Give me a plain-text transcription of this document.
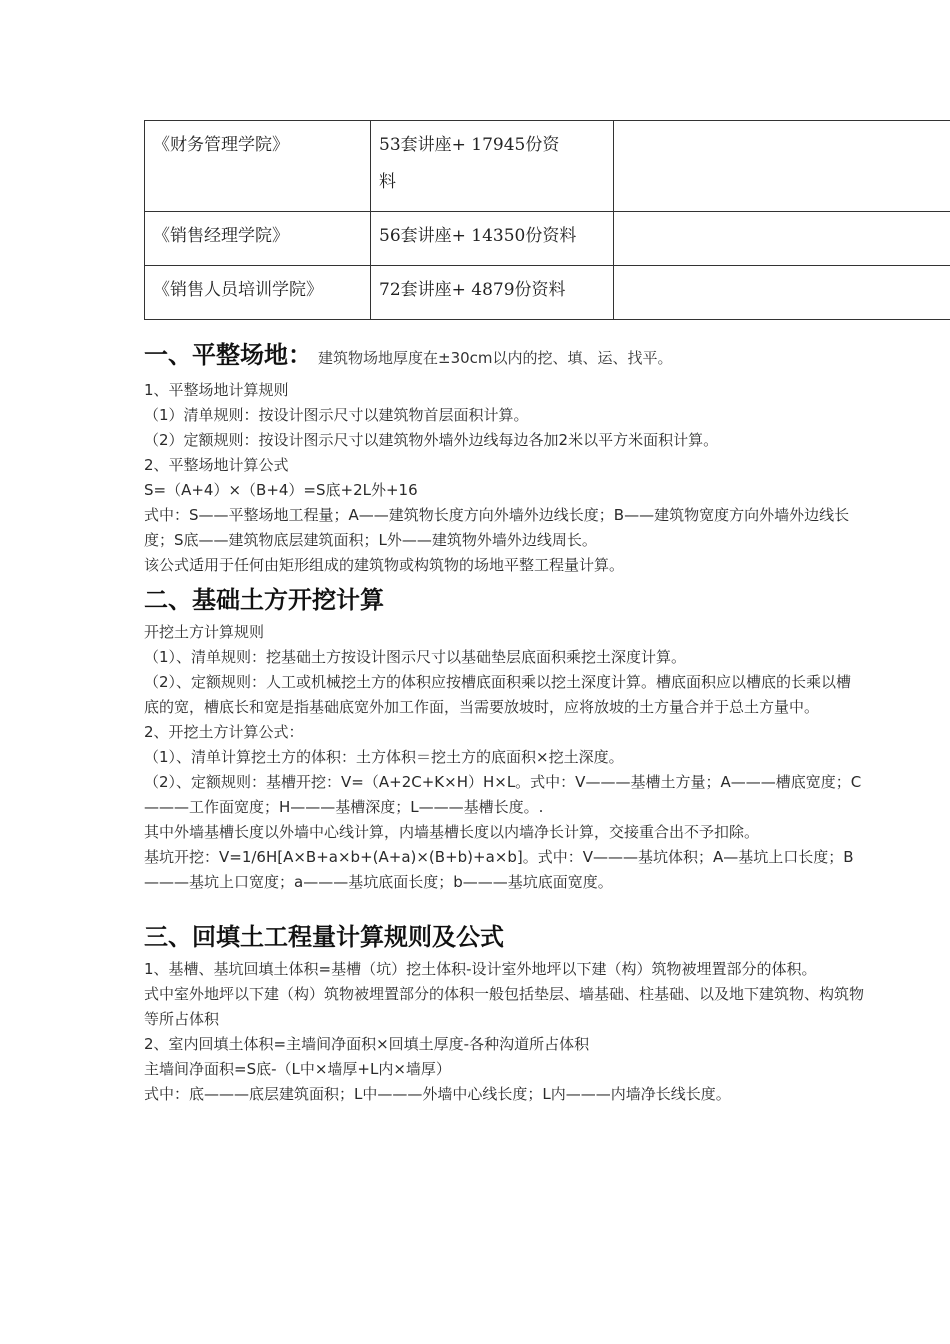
《财务管理学院》	53套讲座+ 17945份资料	
《销售经理学院》	56套讲座+ 14350份资料	
《销售人员培训学院》	72套讲座+ 4879份资料	
一、平整场地： 建筑物场地厚度在±30cm以内的挖、填、运、找平。

1、平整场地计算规则

（1）清单规则：按设计图示尺寸以建筑物首层面积计算。

（2）定额规则：按设计图示尺寸以建筑物外墙外边线每边各加2米以平方米面积计算。

2、平整场地计算公式

S=（A+4）×（B+4）=S底+2L外+16

式中：S——平整场地工程量；A——建筑物长度方向外墙外边线长度；B——建筑物宽度方向外墙外边线长度；S底——建筑物底层建筑面积；L外——建筑物外墙外边线周长。

该公式适用于任何由矩形组成的建筑物或构筑物的场地平整工程量计算。

二、基础土方开挖计算

开挖土方计算规则

（1）、清单规则：挖基础土方按设计图示尺寸以基础垫层底面积乘挖土深度计算。

（2）、定额规则：人工或机械挖土方的体积应按槽底面积乘以挖土深度计算。槽底面积应以槽底的长乘以槽底的宽，槽底长和宽是指基础底宽外加工作面，当需要放坡时，应将放坡的土方量合并于总土方量中。

2、开挖土方计算公式：

（1）、清单计算挖土方的体积：土方体积＝挖土方的底面积×挖土深度。

（2）、定额规则：基槽开挖：V=（A+2C+K×H）H×L。式中：V———基槽土方量；A———槽底宽度；C———工作面宽度；H———基槽深度；L———基槽长度。.

其中外墙基槽长度以外墙中心线计算，内墙基槽长度以内墙净长计算，交接重合出不予扣除。

基坑开挖：V=1/6H[A×B+a×b+(A+a)×(B+b)+a×b]。式中：V———基坑体积；A—基坑上口长度；B———基坑上口宽度；a———基坑底面长度；b———基坑底面宽度。

三、回填土工程量计算规则及公式

1、基槽、基坑回填土体积=基槽（坑）挖土体积-设计室外地坪以下建（构）筑物被埋置部分的体积。

式中室外地坪以下建（构）筑物被埋置部分的体积一般包括垫层、墙基础、柱基础、以及地下建筑物、构筑物等所占体积

2、室内回填土体积=主墙间净面积×回填土厚度-各种沟道所占体积

主墙间净面积=S底-（L中×墙厚+L内×墙厚）

式中：底———底层建筑面积；L中———外墙中心线长度；L内———内墙净长线长度。
